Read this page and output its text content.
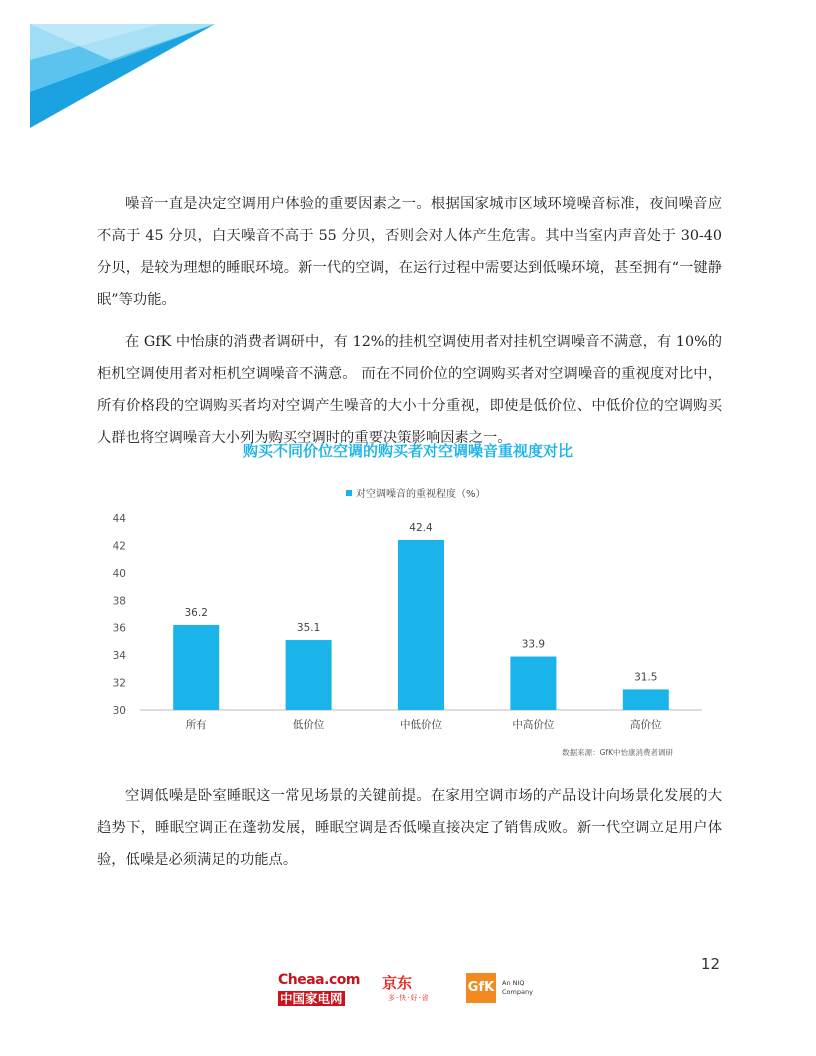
噪音一直是决定空调用户体验的重要因素之一。根据国家城市区域环境噪音标准，夜间噪音应不高于 45 分贝，白天噪音不高于 55 分贝，否则会对人体产生危害。其中当室内声音处于 30-40 分贝，是较为理想的睡眠环境。新一代的空调，在运行过程中需要达到低噪环境，甚至拥有“一键静眠”等功能。

在 GfK 中怡康的消费者调研中，有 12%的挂机空调使用者对挂机空调噪音不满意，有 10%的柜机空调使用者对柜机空调噪音不满意。 而在不同价位的空调购买者对空调噪音的重视度对比中，所有价格段的空调购买者均对空调产生噪音的大小十分重视，即使是低价位、中低价位的空调购买人群也将空调噪音大小列为购买空调时的重要决策影响因素之一。

购买不同价位空调的购买者对空调噪音重视度对比
对空调噪音的重视程度（%）
30
32
34
36
38
40
42
44
36.2
所有
35.1
低价位
42.4
中低价位
33.9
中高价位
31.5
高价位
数据来源：GfK中怡康消费者调研

空调低噪是卧室睡眠这一常见场景的关键前提。在家用空调市场的产品设计向场景化发展的大趋势下，睡眠空调正在蓬勃发展，睡眠空调是否低噪直接决定了销售成败。新一代空调立足用户体验，低噪是必须满足的功能点。

12
Cheaa.com
中国家电网
京东
多·快·好·省
GfK An NIQ
Company
